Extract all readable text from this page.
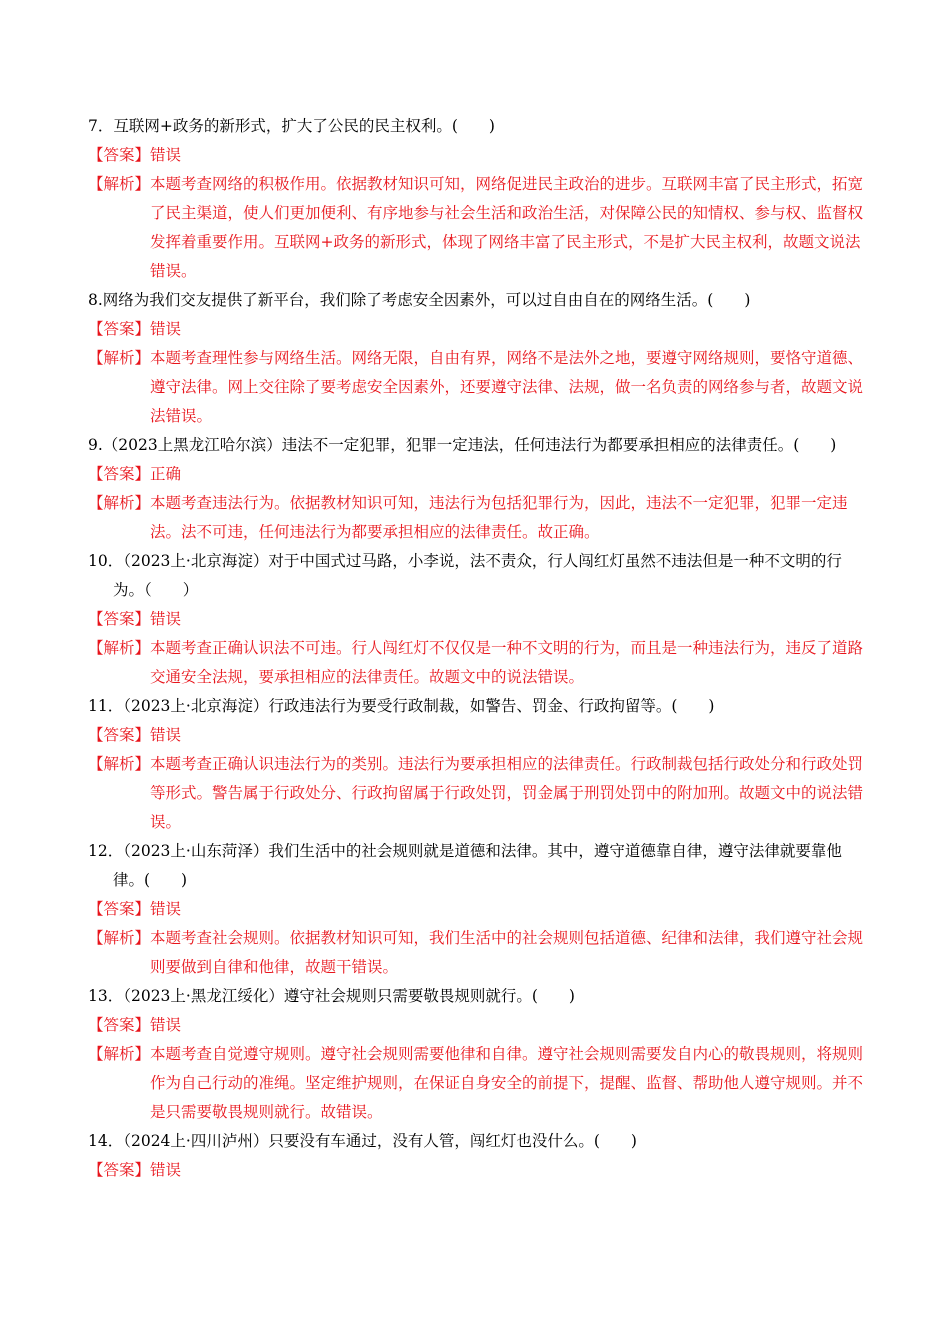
7．互联网+政务的新形式，扩大了公民的民主权利。(  )

【答案】错误

【解析】 本题考查网络的积极作用。依据教材知识可知，网络促进民主政治的进步。互联网丰富了民主形式，拓宽了民主渠道，使人们更加便利、有序地参与社会生活和政治生活，对保障公民的知情权、参与权、监督权发挥着重要作用。互联网+政务的新形式，体现了网络丰富了民主形式，不是扩大民主权利，故题文说法错误。

8.网络为我们交友提供了新平台，我们除了考虑安全因素外，可以过自由自在的网络生活。(  )

【答案】错误

【解析】 本题考查理性参与网络生活。网络无限，自由有界，网络不是法外之地，要遵守网络规则，要恪守道德、遵守法律。网上交往除了要考虑安全因素外，还要遵守法律、法规，做一名负责的网络参与者，故题文说法错误。

9.（2023上黑龙江哈尔滨）违法不一定犯罪，犯罪一定违法，任何违法行为都要承担相应的法律责任。(  )

【答案】正确

【解析】 本题考查违法行为。依据教材知识可知，违法行为包括犯罪行为，因此，违法不一定犯罪，犯罪一定违法。法不可违，任何违法行为都要承担相应的法律责任。故正确。

10．（2023上·北京海淀）对于中国式过马路，小李说，法不责众，行人闯红灯虽然不违法但是一种不文明的行为。（  ）

【答案】错误

【解析】 本题考查正确认识法不可违。行人闯红灯不仅仅是一种不文明的行为，而且是一种违法行为，违反了道路交通安全法规，要承担相应的法律责任。故题文中的说法错误。

11．（2023上·北京海淀）行政违法行为要受行政制裁，如警告、罚金、行政拘留等。(  )

【答案】错误

【解析】 本题考查正确认识违法行为的类别。违法行为要承担相应的法律责任。行政制裁包括行政处分和行政处罚等形式。警告属于行政处分、行政拘留属于行政处罚，罚金属于刑罚处罚中的附加刑。故题文中的说法错误。

12．（2023上·山东菏泽）我们生活中的社会规则就是道德和法律。其中，遵守道德靠自律，遵守法律就要靠他律。(  )

【答案】错误

【解析】 本题考查社会规则。依据教材知识可知，我们生活中的社会规则包括道德、纪律和法律，我们遵守社会规则要做到自律和他律，故题干错误。

13．（2023上·黑龙江绥化）遵守社会规则只需要敬畏规则就行。(  )

【答案】错误

【解析】 本题考查自觉遵守规则。遵守社会规则需要他律和自律。遵守社会规则需要发自内心的敬畏规则，将规则作为自己行动的准绳。坚定维护规则，在保证自身安全的前提下，提醒、监督、帮助他人遵守规则。并不是只需要敬畏规则就行。故错误。

14．（2024上·四川泸州）只要没有车通过，没有人管，闯红灯也没什么。(  )

【答案】错误
